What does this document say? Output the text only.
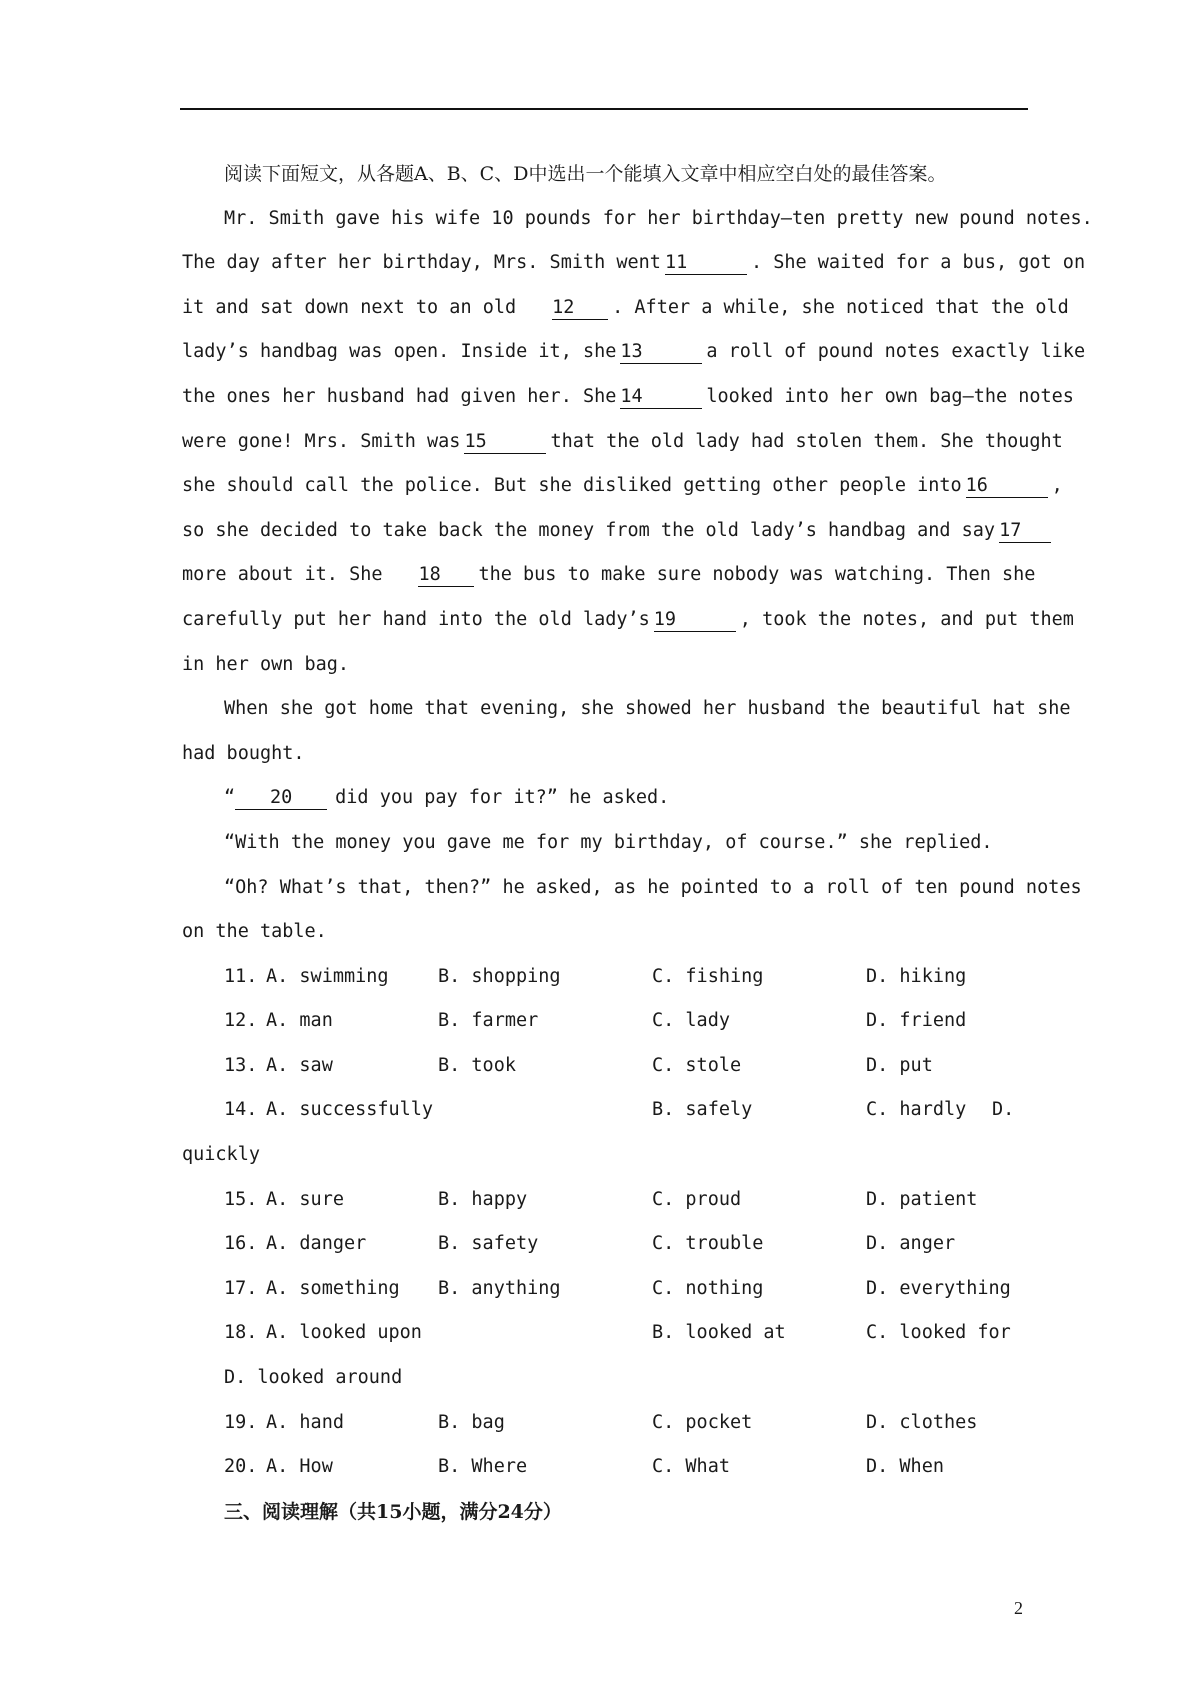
阅读下面短文，从各题A、B、C、D中选出一个能填入文章中相应空白处的最佳答案。
Mr. Smith gave his wife 10 pounds for her birthday—ten pretty new pound notes.
The day after her birthday, Mrs. Smith went 11	. She waited for a bus, got on
it and sat down next to an old 12 . After a while, she noticed that the old
lady’s handbag was open. Inside it, she 13	a roll of pound notes exactly like
the ones her husband had given her. She 14	looked into her own bag—the notes
were gone! Mrs. Smith was 15	that the old lady had stolen them. She thought
she should call the police. But she disliked getting other people into 16	,
so she decided to take back the money from the old lady’s handbag and say 17
more about it. She 18 the bus to make sure nobody was watching. Then she
carefully put her hand into the old lady’s 19	, took the notes, and put them
in her own bag.
When she got home that evening, she showed her husband the beautiful hat she
had bought.
“ 20 did you pay for it?” he asked.
“With the money you gave me for my birthday, of course.” she replied.
“Oh? What’s that, then?” he asked, as he pointed to a roll of ten pound notes
on the table.
11. A. swimming	B. shopping	C. fishing	D. hiking
12. A. man	B. farmer	C. lady	D. friend
13. A. saw	B. took	C. stole	D. put
14. A. successfully	B. safely	C. hardly D.
quickly
15. A. sure	B. happy	C. proud	D. patient
16. A. danger	B. safety	C. trouble	D. anger
17. A. something B. anything	C. nothing	D. everything
18. A. looked upon	B. looked at	C. looked for
D. looked around
19. A. hand	B. bag	C. pocket	D. clothes
20. A. How	B. Where	C. What	D. When
三、阅读理解（共15小题，满分24分）
2
